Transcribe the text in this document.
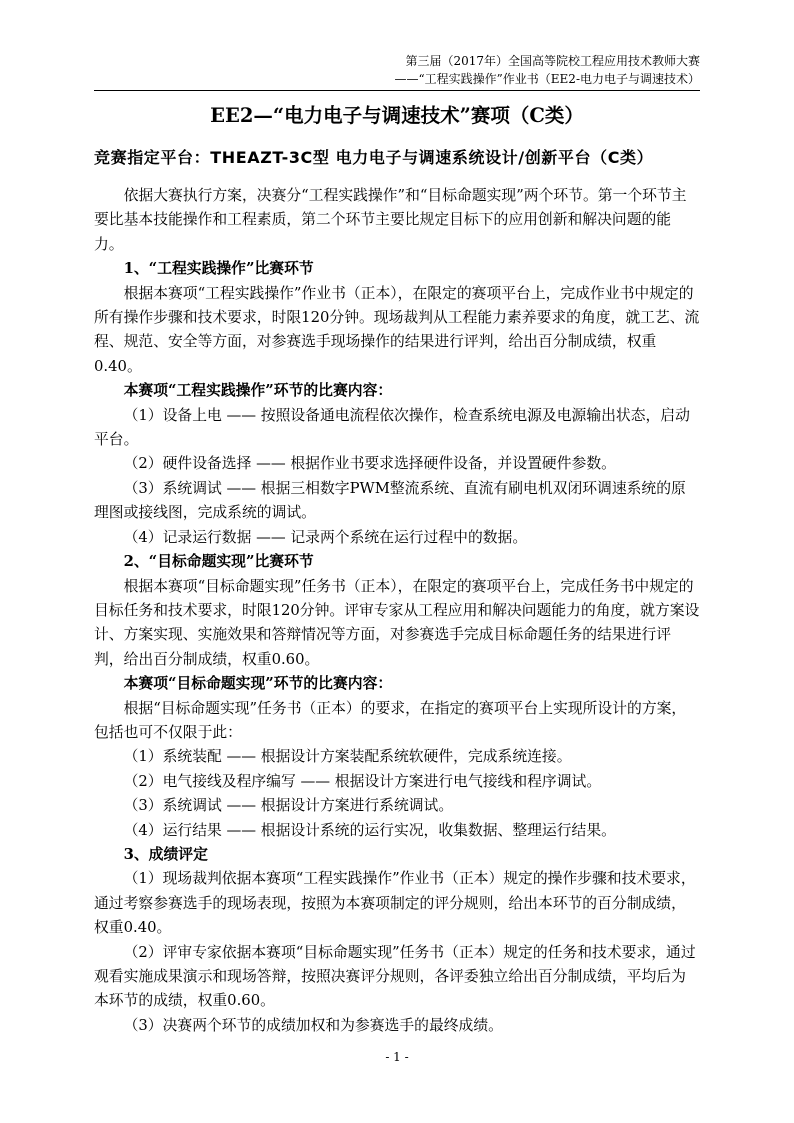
第三届（2017年）全国高等院校工程应用技术教师大赛
——“工程实践操作”作业书（EE2-电力电子与调速技术）
EE2—“电力电子与调速技术”赛项（C类）
竞赛指定平台：THEAZT-3C型 电力电子与调速系统设计/创新平台（C类）

依据大赛执行方案，决赛分“工程实践操作”和“目标命题实现”两个环节。第一个环节主要比基本技能操作和工程素质，第二个环节主要比规定目标下的应用创新和解决问题的能力。

1、“工程实践操作”比赛环节

根据本赛项“工程实践操作”作业书（正本），在限定的赛项平台上，完成作业书中规定的所有操作步骤和技术要求，时限120分钟。现场裁判从工程能力素养要求的角度，就工艺、流程、规范、安全等方面，对参赛选手现场操作的结果进行评判，给出百分制成绩，权重0.40。

本赛项“工程实践操作”环节的比赛内容：

（1）设备上电 —— 按照设备通电流程依次操作，检查系统电源及电源输出状态，启动平台。

（2）硬件设备选择 —— 根据作业书要求选择硬件设备，并设置硬件参数。

（3）系统调试 —— 根据三相数字PWM整流系统、直流有刷电机双闭环调速系统的原理图或接线图，完成系统的调试。

（4）记录运行数据 —— 记录两个系统在运行过程中的数据。

2、“目标命题实现”比赛环节

根据本赛项“目标命题实现”任务书（正本），在限定的赛项平台上，完成任务书中规定的目标任务和技术要求，时限120分钟。评审专家从工程应用和解决问题能力的角度，就方案设计、方案实现、实施效果和答辩情况等方面，对参赛选手完成目标命题任务的结果进行评判，给出百分制成绩，权重0.60。

本赛项“目标命题实现”环节的比赛内容：

根据“目标命题实现”任务书（正本）的要求，在指定的赛项平台上实现所设计的方案，包括也可不仅限于此：

（1）系统装配 —— 根据设计方案装配系统软硬件，完成系统连接。

（2）电气接线及程序编写 —— 根据设计方案进行电气接线和程序调试。

（3）系统调试 —— 根据设计方案进行系统调试。

（4）运行结果 —— 根据设计系统的运行实况，收集数据、整理运行结果。

3、成绩评定

（1）现场裁判依据本赛项“工程实践操作”作业书（正本）规定的操作步骤和技术要求，通过考察参赛选手的现场表现，按照为本赛项制定的评分规则，给出本环节的百分制成绩，权重0.40。

（2）评审专家依据本赛项“目标命题实现”任务书（正本）规定的任务和技术要求，通过观看实施成果演示和现场答辩，按照决赛评分规则，各评委独立给出百分制成绩，平均后为本环节的成绩，权重0.60。

（3）决赛两个环节的成绩加权和为参赛选手的最终成绩。

- 1 -
